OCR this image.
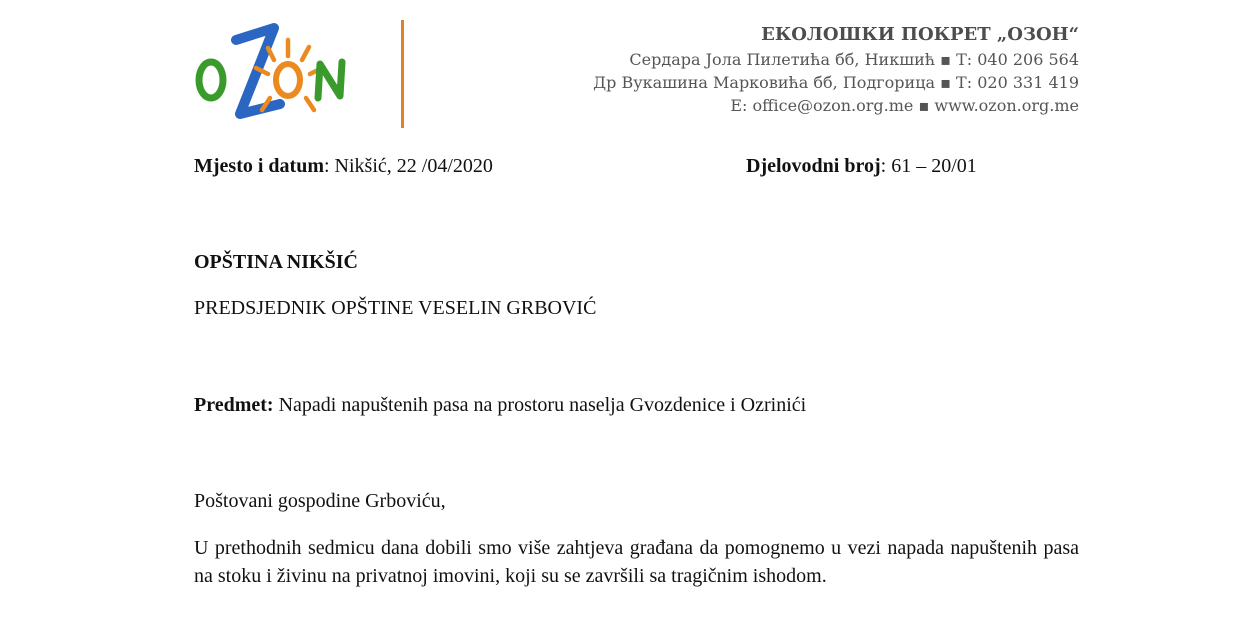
ЕКОЛОШКИ ПОКРЕТ „ОЗОН“
Сердара Јола Пилетића бб, Никшић ▪ Т: 040 206 564
Др Вукашина Марковића бб, Подгорица ▪ Т: 020 331 419
E: office@ozon.org.me ▪ www.ozon.org.me
Mjesto i datum: Nikšić, 22 /04/2020	Djelovodni broj: 61 – 20/01
OPŠTINA NIKŠIĆ
PREDSJEDNIK OPŠTINE VESELIN GRBOVIĆ
Predmet: Napadi napuštenih pasa na prostoru naselja Gvozdenice i Ozrinići
Poštovani gospodine Grboviću,
U prethodnih sedmicu dana dobili smo više zahtjeva građana da pomognemo u vezi napada napuštenih pasa na stoku i živinu na privatnoj imovini, koji su se završili sa tragičnim ishodom.
